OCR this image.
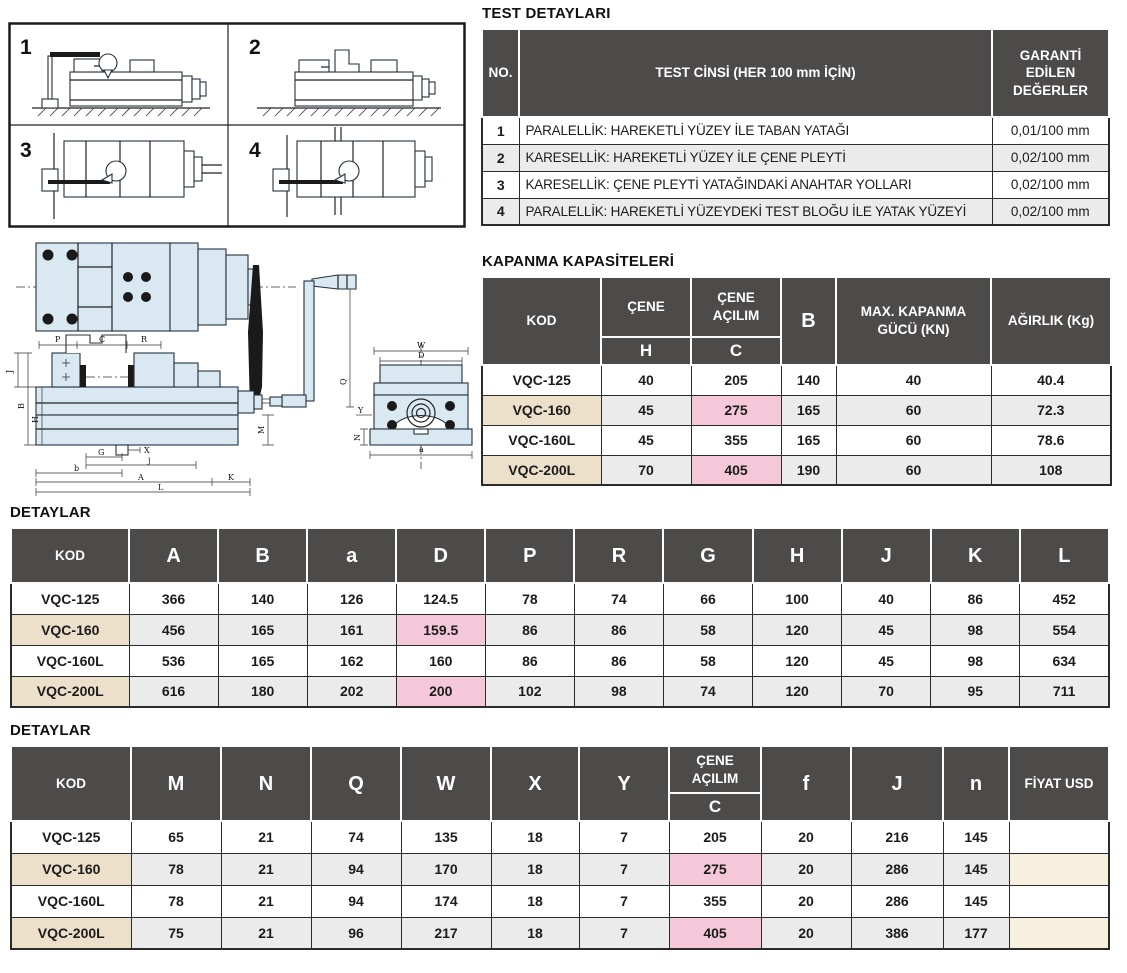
1	2
3	4
P	C	R
J
B
H
G	X
j
b
A	K
L
M
Q
W
D
Y
N
a
TEST DETAYLARI
NO.	TEST CİNSİ (HER 100 mm İÇİN)	GARANTİ EDİLEN DEĞERLER
1	PARALELLİK: HAREKETLİ YÜZEY İLE TABAN YATAĞI	0,01/100 mm
2	KARESELLİK: HAREKETLİ YÜZEY İLE ÇENE PLEYTİ	0,02/100 mm
3	KARESELLİK: ÇENE PLEYTİ YATAĞINDAKİ ANAHTAR YOLLARI	0,02/100 mm
4	PARALELLİK: HAREKETLİ YÜZEYDEKİ TEST BLOĞU İLE YATAK YÜZEYİ	0,02/100 mm
KAPANMA KAPASİTELERİ
KOD	ÇENE	ÇENE AÇILIM	B	MAX. KAPANMA GÜCÜ (KN)	AĞIRLIK (Kg)
	H	C			
VQC-125	40	205	140	40	40.4
VQC-160	45	275	165	60	72.3
VQC-160L	45	355	165	60	78.6
VQC-200L	70	405	190	60	108
DETAYLAR
KOD	A	B	a	D	P	R	G	H	J	K	L
VQC-125	366	140	126	124.5	78	74	66	100	40	86	452
VQC-160	456	165	161	159.5	86	86	58	120	45	98	554
VQC-160L	536	165	162	160	86	86	58	120	45	98	634
VQC-200L	616	180	202	200	102	98	74	120	70	95	711
DETAYLAR
KOD	M	N	Q	W	X	Y	ÇENE AÇILIM	f	J	n	FİYAT USD
							C				
VQC-125	65	21	74	135	18	7	205	20	216	145	
VQC-160	78	21	94	170	18	7	275	20	286	145	
VQC-160L	78	21	94	174	18	7	355	20	286	145	
VQC-200L	75	21	96	217	18	7	405	20	386	177	
